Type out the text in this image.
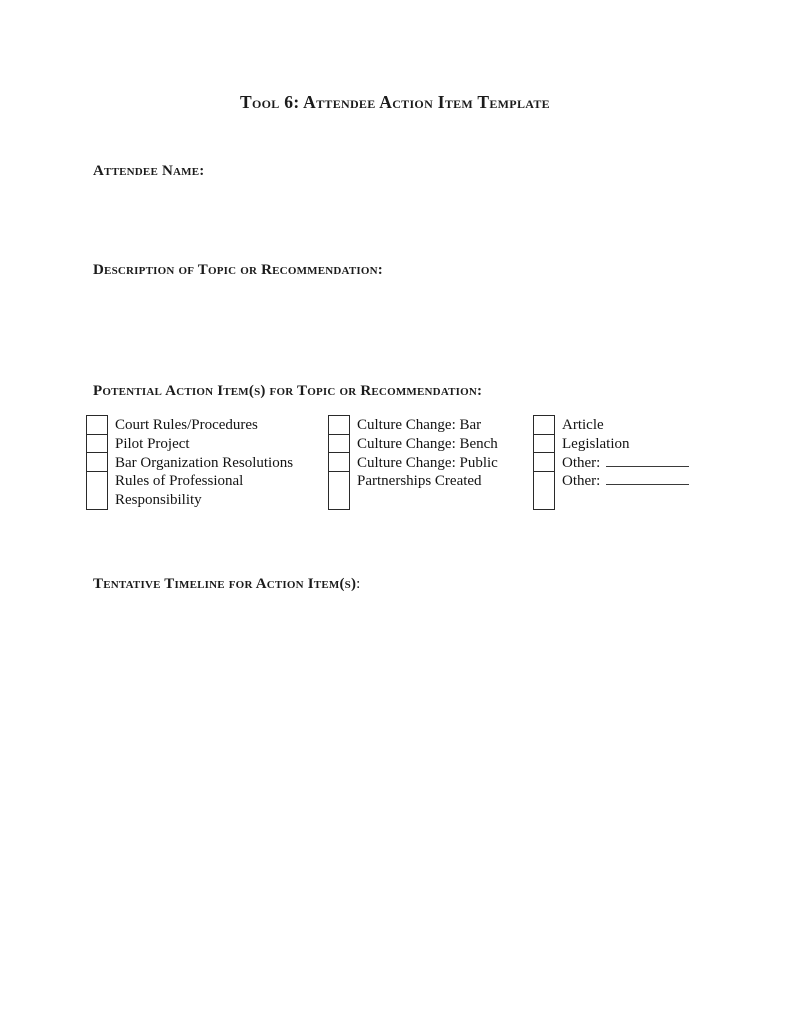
Tool 6: Attendee Action Item Template
Attendee Name:
Description of Topic or Recommendation:
Potential Action Item(s) for Topic or Recommendation:
Court Rules/Procedures
Pilot Project
Bar Organization Resolutions
Rules of Professional Responsibility
Culture Change: Bar
Culture Change: Bench
Culture Change: Public
Partnerships Created
Article
Legislation
Other:
Other:
Tentative Timeline for Action Item(s):
